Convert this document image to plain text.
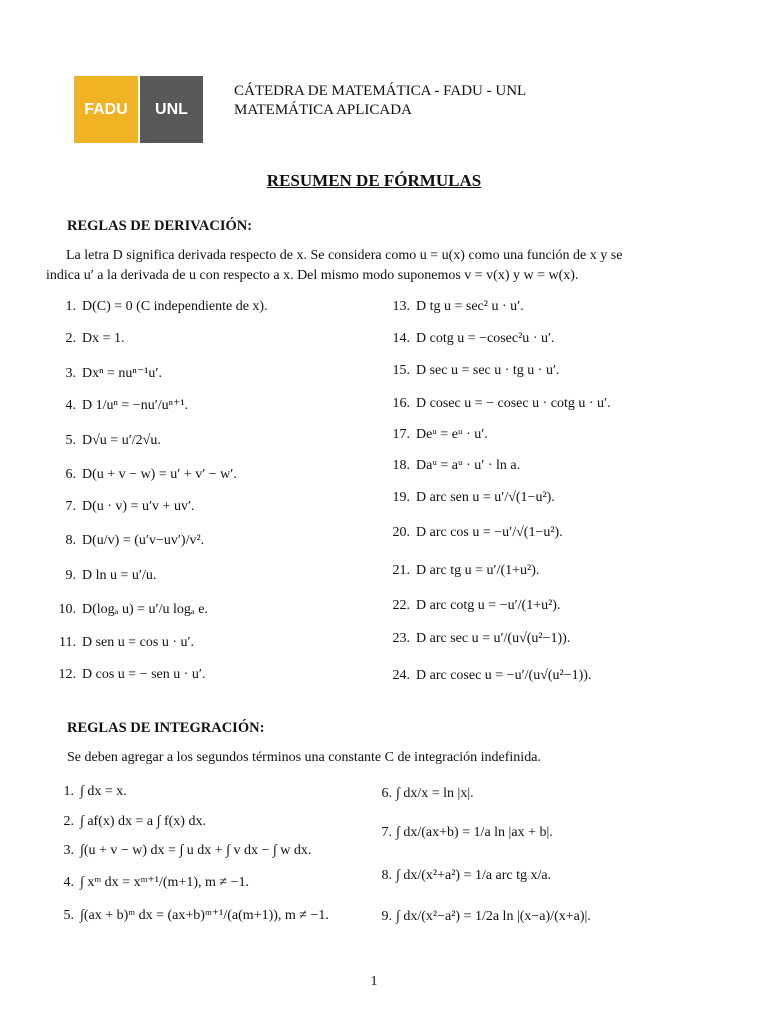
FADU	UNL
CÁTEDRA DE MATEMÁTICA - FADU - UNL
MATEMÁTICA APLICADA
RESUMEN DE FÓRMULAS
REGLAS DE DERIVACIÓN:
La letra D significa derivada respecto de x. Se considera como u = u(x) como una función de x y se
indica u′ a la derivada de u con respecto a x. Del mismo modo suponemos v = v(x) y w = w(x).
1. D(C) = 0 (C independiente de x).
2. Dx = 1.
3. Dxⁿ = nuⁿ⁻¹u′.
4. D 1/uⁿ = −nu′/uⁿ⁺¹.
5. D√u = u′/2√u.
6. D(u + v − w) = u′ + v′ − w′.
7. D(u · v) = u′v + uv′.
8. D(u/v) = (u′v−uv′)/v².
9. D ln u = u′/u.
10. D(logₐ u) = u′/u logₐ e.
11. D sen u = cos u · u′.
12. D cos u = − sen u · u′.
13. D tg u = sec² u · u′.
14. D cotg u = −cosec²u · u′.
15. D sec u = sec u · tg u · u′.
16. D cosec u = − cosec u · cotg u · u′.
17. Deᵘ = eᵘ · u′.
18. Daᵘ = aᵘ · u′ · ln a.
19. D arc sen u = u′/√(1−u²).
20. D arc cos u = −u′/√(1−u²).
21. D arc tg u = u′/(1+u²).
22. D arc cotg u = −u′/(1+u²).
23. D arc sec u = u′/(u√(u²−1)).
24. D arc cosec u = −u′/(u√(u²−1)).
REGLAS DE INTEGRACIÓN:
Se deben agregar a los segundos términos una constante C de integración indefinida.
1. ∫ dx = x.
2. ∫ af(x) dx = a ∫ f(x) dx.
3. ∫(u + v − w) dx = ∫ u dx + ∫ v dx − ∫ w dx.
4. ∫ xᵐ dx = xᵐ⁺¹/(m+1), m ≠ −1.
5. ∫(ax + b)ᵐ dx = (ax+b)ᵐ⁺¹/(a(m+1)), m ≠ −1.
6. ∫ dx/x = ln |x|.
7. ∫ dx/(ax+b) = 1/a ln |ax + b|.
8. ∫ dx/(x²+a²) = 1/a arc tg x/a.
9. ∫ dx/(x²−a²) = 1/2a ln |(x−a)/(x+a)|.
1
